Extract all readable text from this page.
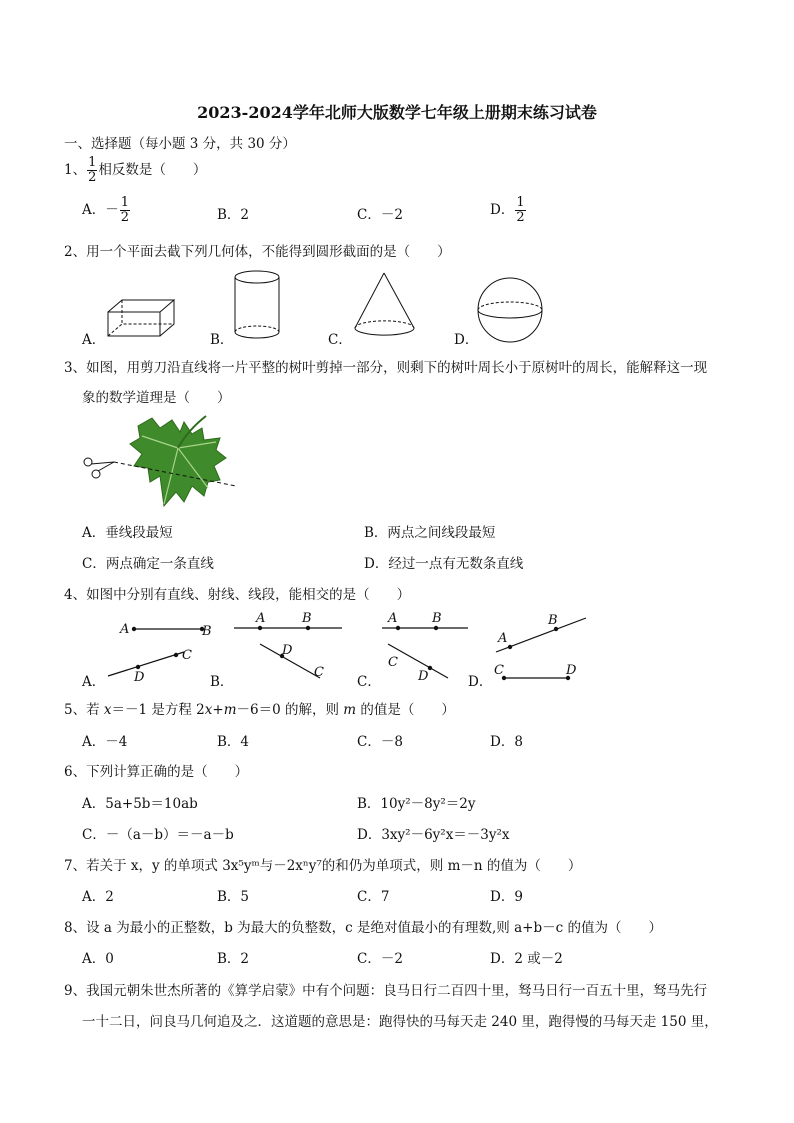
2023-2024学年北师大版数学七年级上册期末练习试卷
一、选择题（每小题 3 分，共 30 分）
1、 $\frac{1}{2}$ 相反数是（　　）
A．－ $\frac{1}{2}$	B．2	C．－2	D． $\frac{1}{2}$
2、用一个平面去截下列几何体，不能得到圆形截面的是（　　）
A．	B．	C．	D．
3、如图，用剪刀沿直线将一片平整的树叶剪掉一部分，则剩下的树叶周长小于原树叶的周长，能解释这一现
象的数学道理是（　　）
A．垂线段最短	B．两点之间线段最短
C．两点确定一条直线	D．经过一点有无数条直线
4、如图中分别有直线、射线、线段，能相交的是（　　）
A．
A	B
C
D	B．
A	B
D
C
C．
A	B
C
D	D．
A
B
C	D
5、若 x＝－1 是方程 2x+m－6＝0 的解，则 m 的值是（　　）
A．－4	B．4	C．－8	D．8
6、下列计算正确的是（　　）
A．5a+5b＝10ab	B．10y²－8y²＝2y
C．－（a－b）＝－a－b	D．3xy²－6y²x＝－3y²x
7、若关于 x，y 的单项式 3x⁵yᵐ与－2xⁿy⁷的和仍为单项式，则 m－n 的值为（　　）
A．2	B．5	C．7	D．9
8、设 a 为最小的正整数，b 为最大的负整数，c 是绝对值最小的有理数,则 a+b－c 的值为（　　）
A．0	B．2	C．－2	D．2 或－2
9、我国元朝朱世杰所著的《算学启蒙》中有个问题：良马日行二百四十里，驽马日行一百五十里，驽马先行
一十二日，问良马几何追及之．这道题的意思是：跑得快的马每天走 240 里，跑得慢的马每天走 150 里，
